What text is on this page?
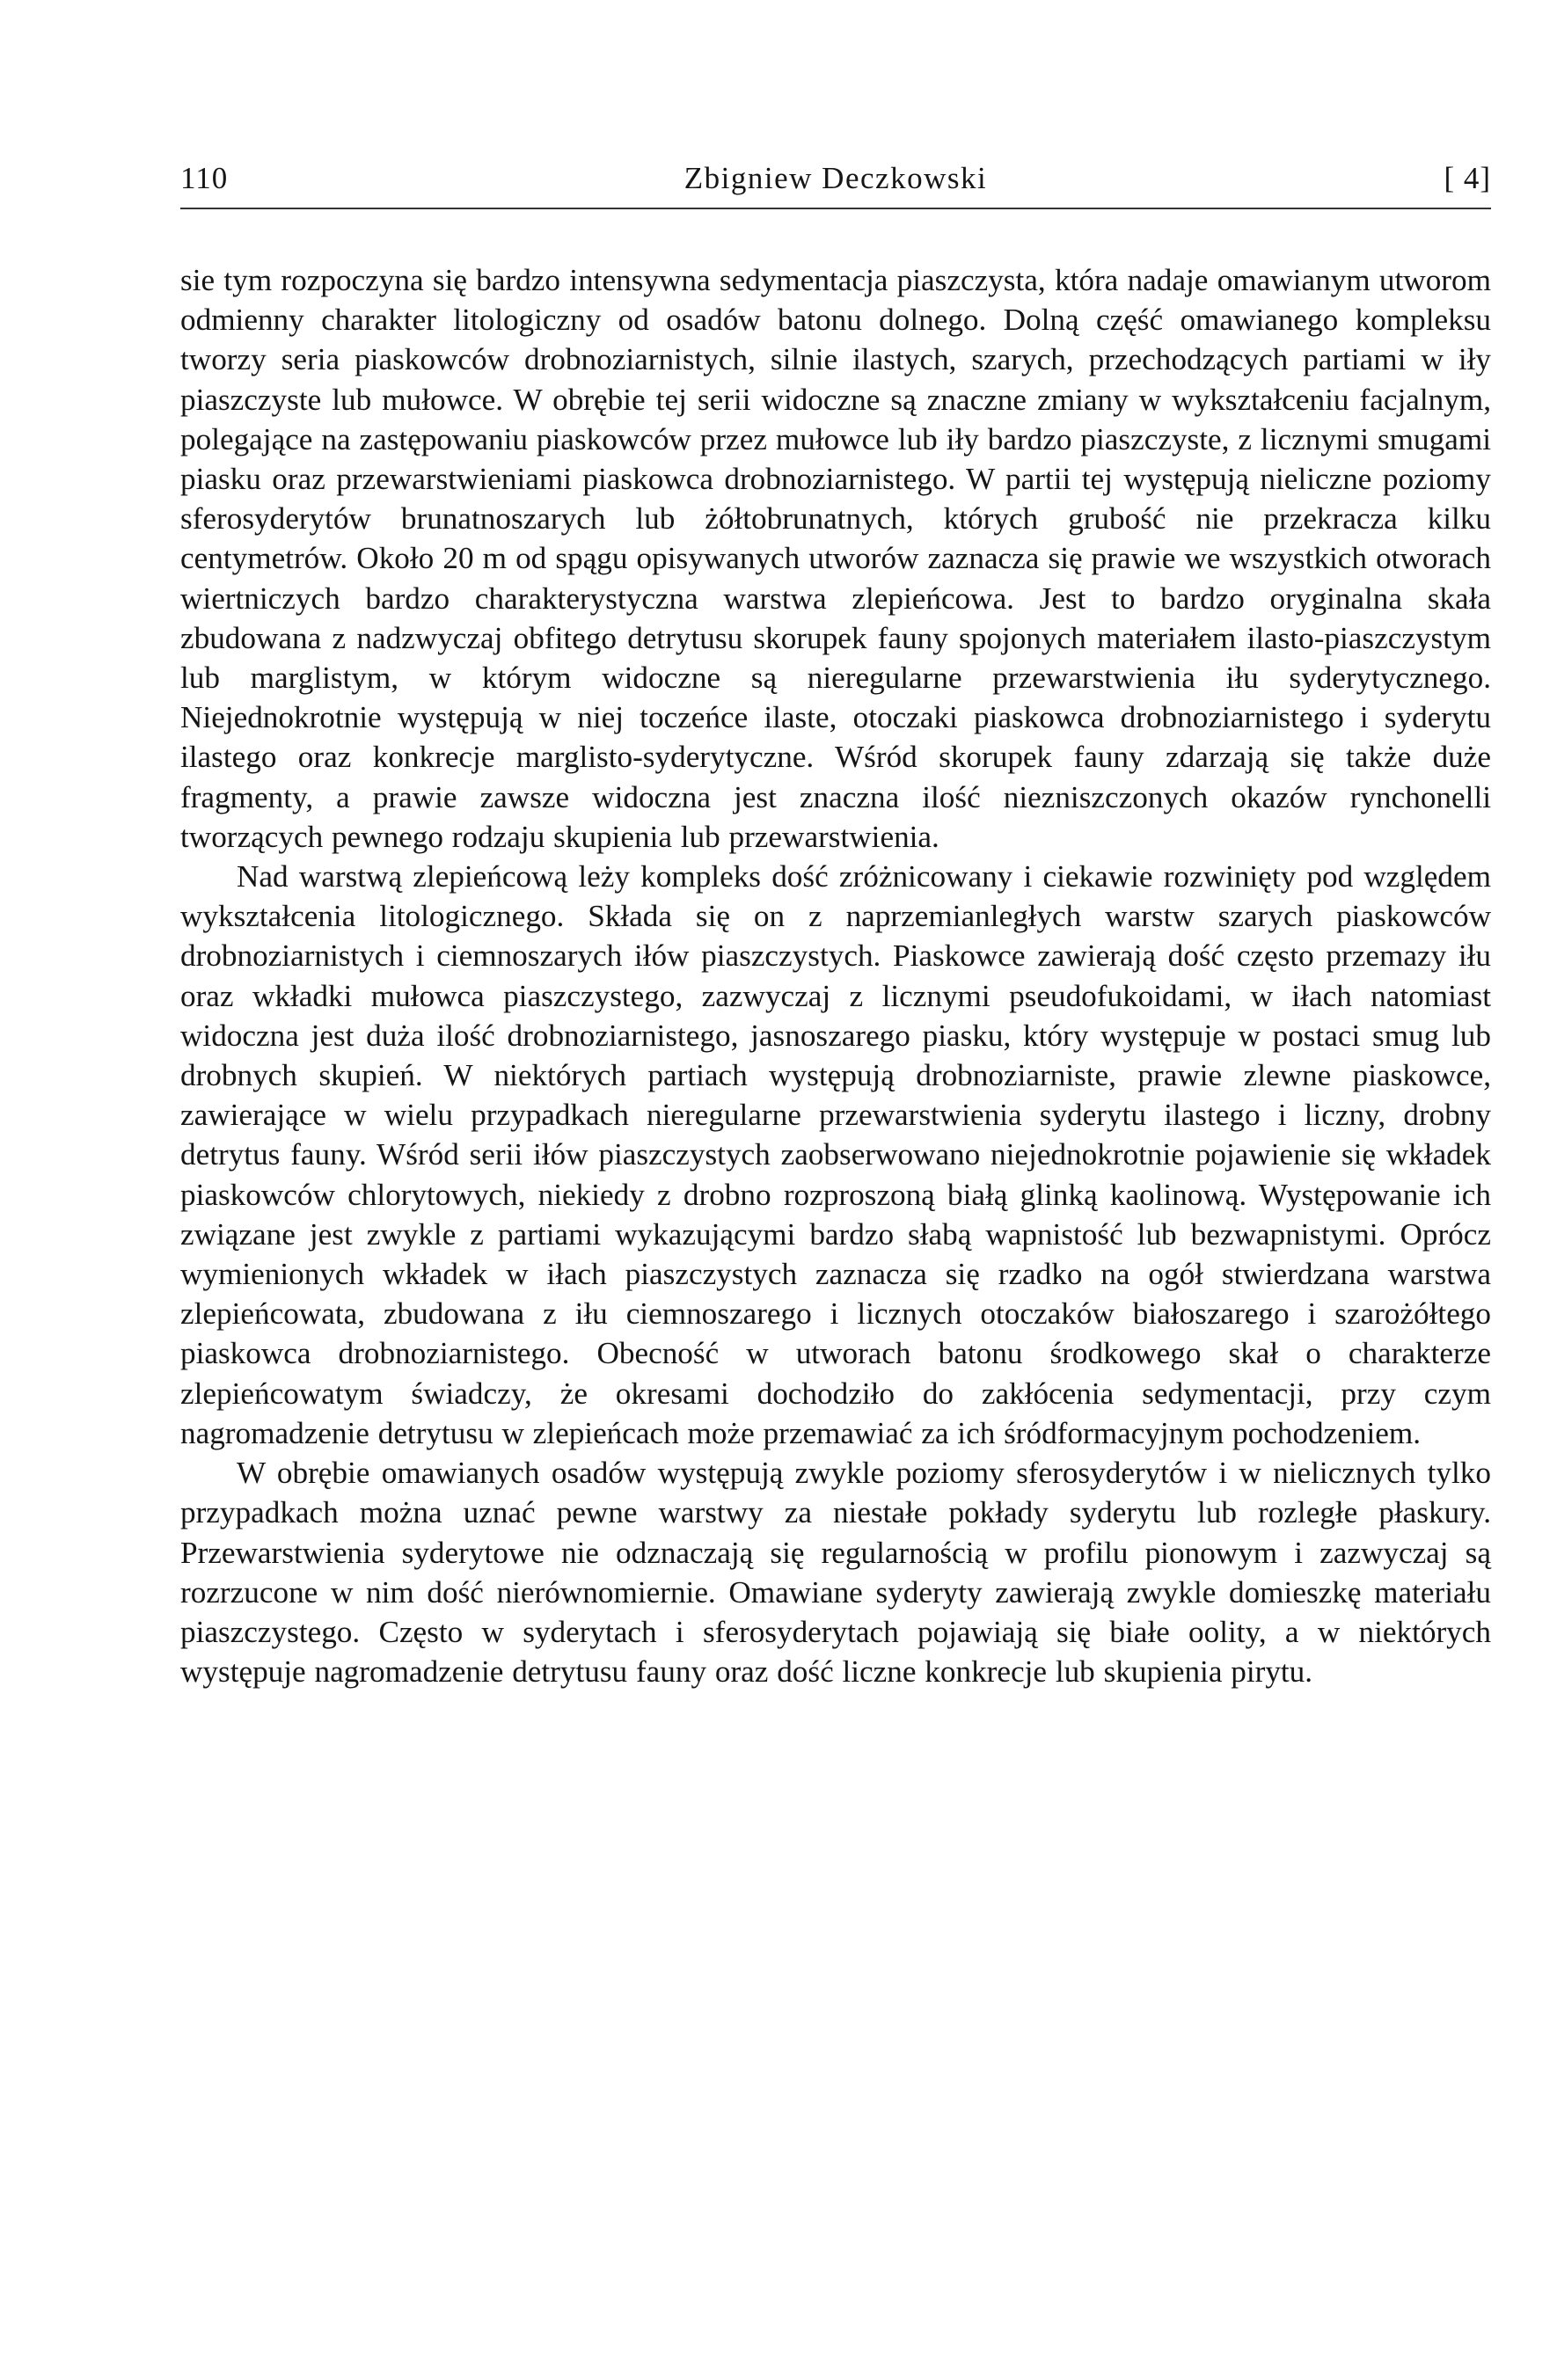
110	Zbigniew Deczkowski	[ 4]

sie tym rozpoczyna się bardzo intensywna sedymentacja piaszczysta, która nadaje omawianym utworom odmienny charakter litologiczny od osadów batonu dolnego. Dolną część omawianego kompleksu tworzy seria piaskowców drobnoziarnistych, silnie ilastych, szarych, przechodzących partiami w iły piaszczyste lub mułowce. W obrębie tej serii widoczne są znaczne zmiany w wykształceniu facjalnym, polegające na zastępowaniu piaskowców przez mułowce lub iły bardzo piaszczyste, z licznymi smugami piasku oraz przewarstwieniami piaskowca drobnoziarnistego. W partii tej występują nieliczne poziomy sferosyderytów brunatnoszarych lub żółtobrunatnych, których grubość nie przekracza kilku centymetrów. Około 20 m od spągu opisywanych utworów zaznacza się prawie we wszystkich otworach wiertniczych bardzo charakterystyczna warstwa zlepieńcowa. Jest to bardzo oryginalna skała zbudowana z nadzwyczaj obfitego detrytusu skorupek fauny spojonych materiałem ilasto-piaszczystym lub marglistym, w którym widoczne są nieregularne przewarstwienia iłu syderytycznego. Niejednokrotnie występują w niej toczeńce ilaste, otoczaki piaskowca drobnoziarnistego i syderytu ilastego oraz konkrecje marglisto-syderytyczne. Wśród skorupek fauny zdarzają się także duże fragmenty, a prawie zawsze widoczna jest znaczna ilość niezniszczonych okazów rynchonelli tworzących pewnego rodzaju skupienia lub przewarstwienia.

Nad warstwą zlepieńcową leży kompleks dość zróżnicowany i ciekawie rozwinięty pod względem wykształcenia litologicznego. Składa się on z naprzemianległych warstw szarych piaskowców drobnoziarnistych i ciemnoszarych iłów piaszczystych. Piaskowce zawierają dość często przemazy iłu oraz wkładki mułowca piaszczystego, zazwyczaj z licznymi pseudofukoidami, w iłach natomiast widoczna jest duża ilość drobnoziarnistego, jasnoszarego piasku, który występuje w postaci smug lub drobnych skupień. W niektórych partiach występują drobnoziarniste, prawie zlewne piaskowce, zawierające w wielu przypadkach nieregularne przewarstwienia syderytu ilastego i liczny, drobny detrytus fauny. Wśród serii iłów piaszczystych zaobserwowano niejednokrotnie pojawienie się wkładek piaskowców chlorytowych, niekiedy z drobno rozproszoną białą glinką kaolinową. Występowanie ich związane jest zwykle z partiami wykazującymi bardzo słabą wapnistość lub bezwapnistymi. Oprócz wymienionych wkładek w iłach piaszczystych zaznacza się rzadko na ogół stwierdzana warstwa zlepieńcowata, zbudowana z iłu ciemnoszarego i licznych otoczaków białoszarego i szarożółtego piaskowca drobnoziarnistego. Obecność w utworach batonu środkowego skał o charakterze zlepieńcowatym świadczy, że okresami dochodziło do zakłócenia sedymentacji, przy czym nagromadzenie detrytusu w zlepieńcach może przemawiać za ich śródformacyjnym pochodzeniem.

W obrębie omawianych osadów występują zwykle poziomy sferosyderytów i w nielicznych tylko przypadkach można uznać pewne warstwy za niestałe pokłady syderytu lub rozległe płaskury. Przewarstwienia syderytowe nie odznaczają się regularnością w profilu pionowym i zazwyczaj są rozrzucone w nim dość nierównomiernie. Omawiane syderyty zawierają zwykle domieszkę materiału piaszczystego. Często w syderytach i sferosyderytach pojawiają się białe oolity, a w niektórych występuje nagromadzenie detrytusu fauny oraz dość liczne konkrecje lub skupienia pirytu.
